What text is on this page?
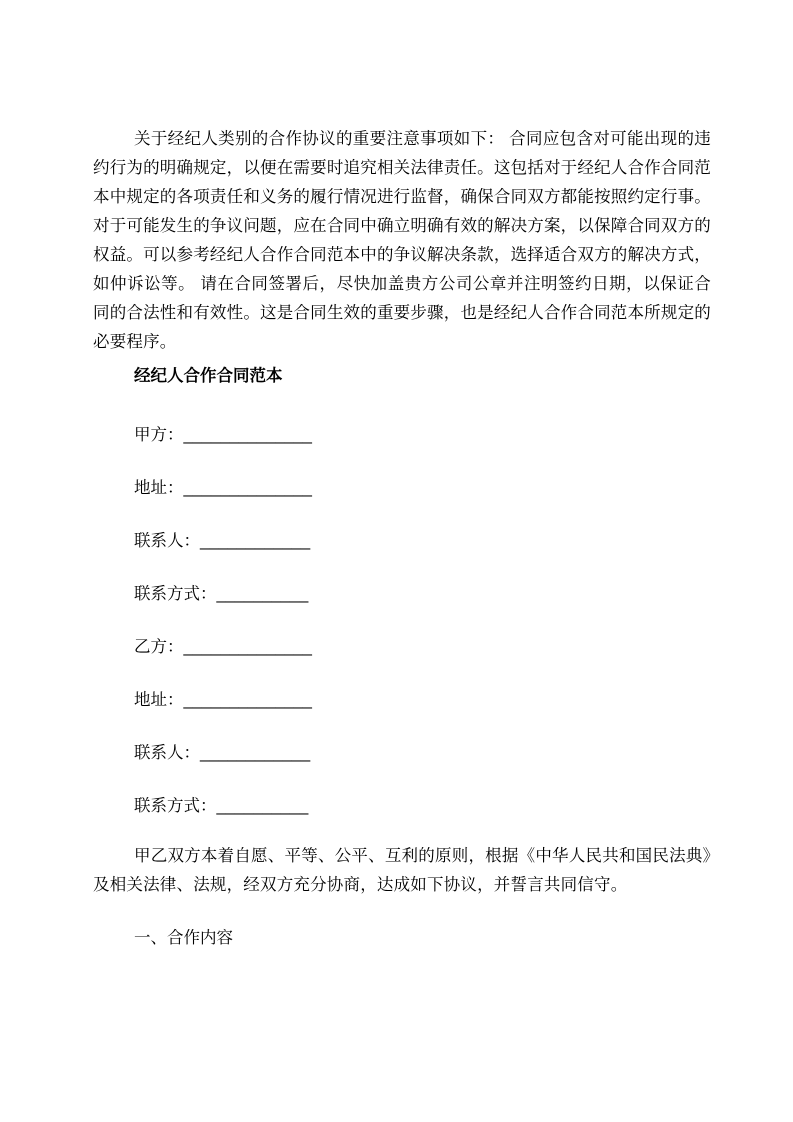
关于经纪人类别的合作协议的重要注意事项如下： 合同应包含对可能出现的违约行为的明确规定，以便在需要时追究相关法律责任。这包括对于经纪人合作合同范本中规定的各项责任和义务的履行情况进行监督，确保合同双方都能按照约定行事。对于可能发生的争议问题，应在合同中确立明确有效的解决方案，以保障合同双方的权益。可以参考经纪人合作合同范本中的争议解决条款，选择适合双方的解决方式，如仲诉讼等。 请在合同签署后，尽快加盖贵方公司公章并注明签约日期，以保证合同的合法性和有效性。这是合同生效的重要步骤，也是经纪人合作合同范本所规定的必要程序。

经纪人合作合同范本

甲方：______________

地址：______________

联系人：____________

联系方式：__________

乙方：______________

地址：______________

联系人：____________

联系方式：__________

甲乙双方本着自愿、平等、公平、互利的原则，根据《中华人民共和国民法典》及相关法律、法规，经双方充分协商，达成如下协议，并誓言共同信守。

一、合作内容
